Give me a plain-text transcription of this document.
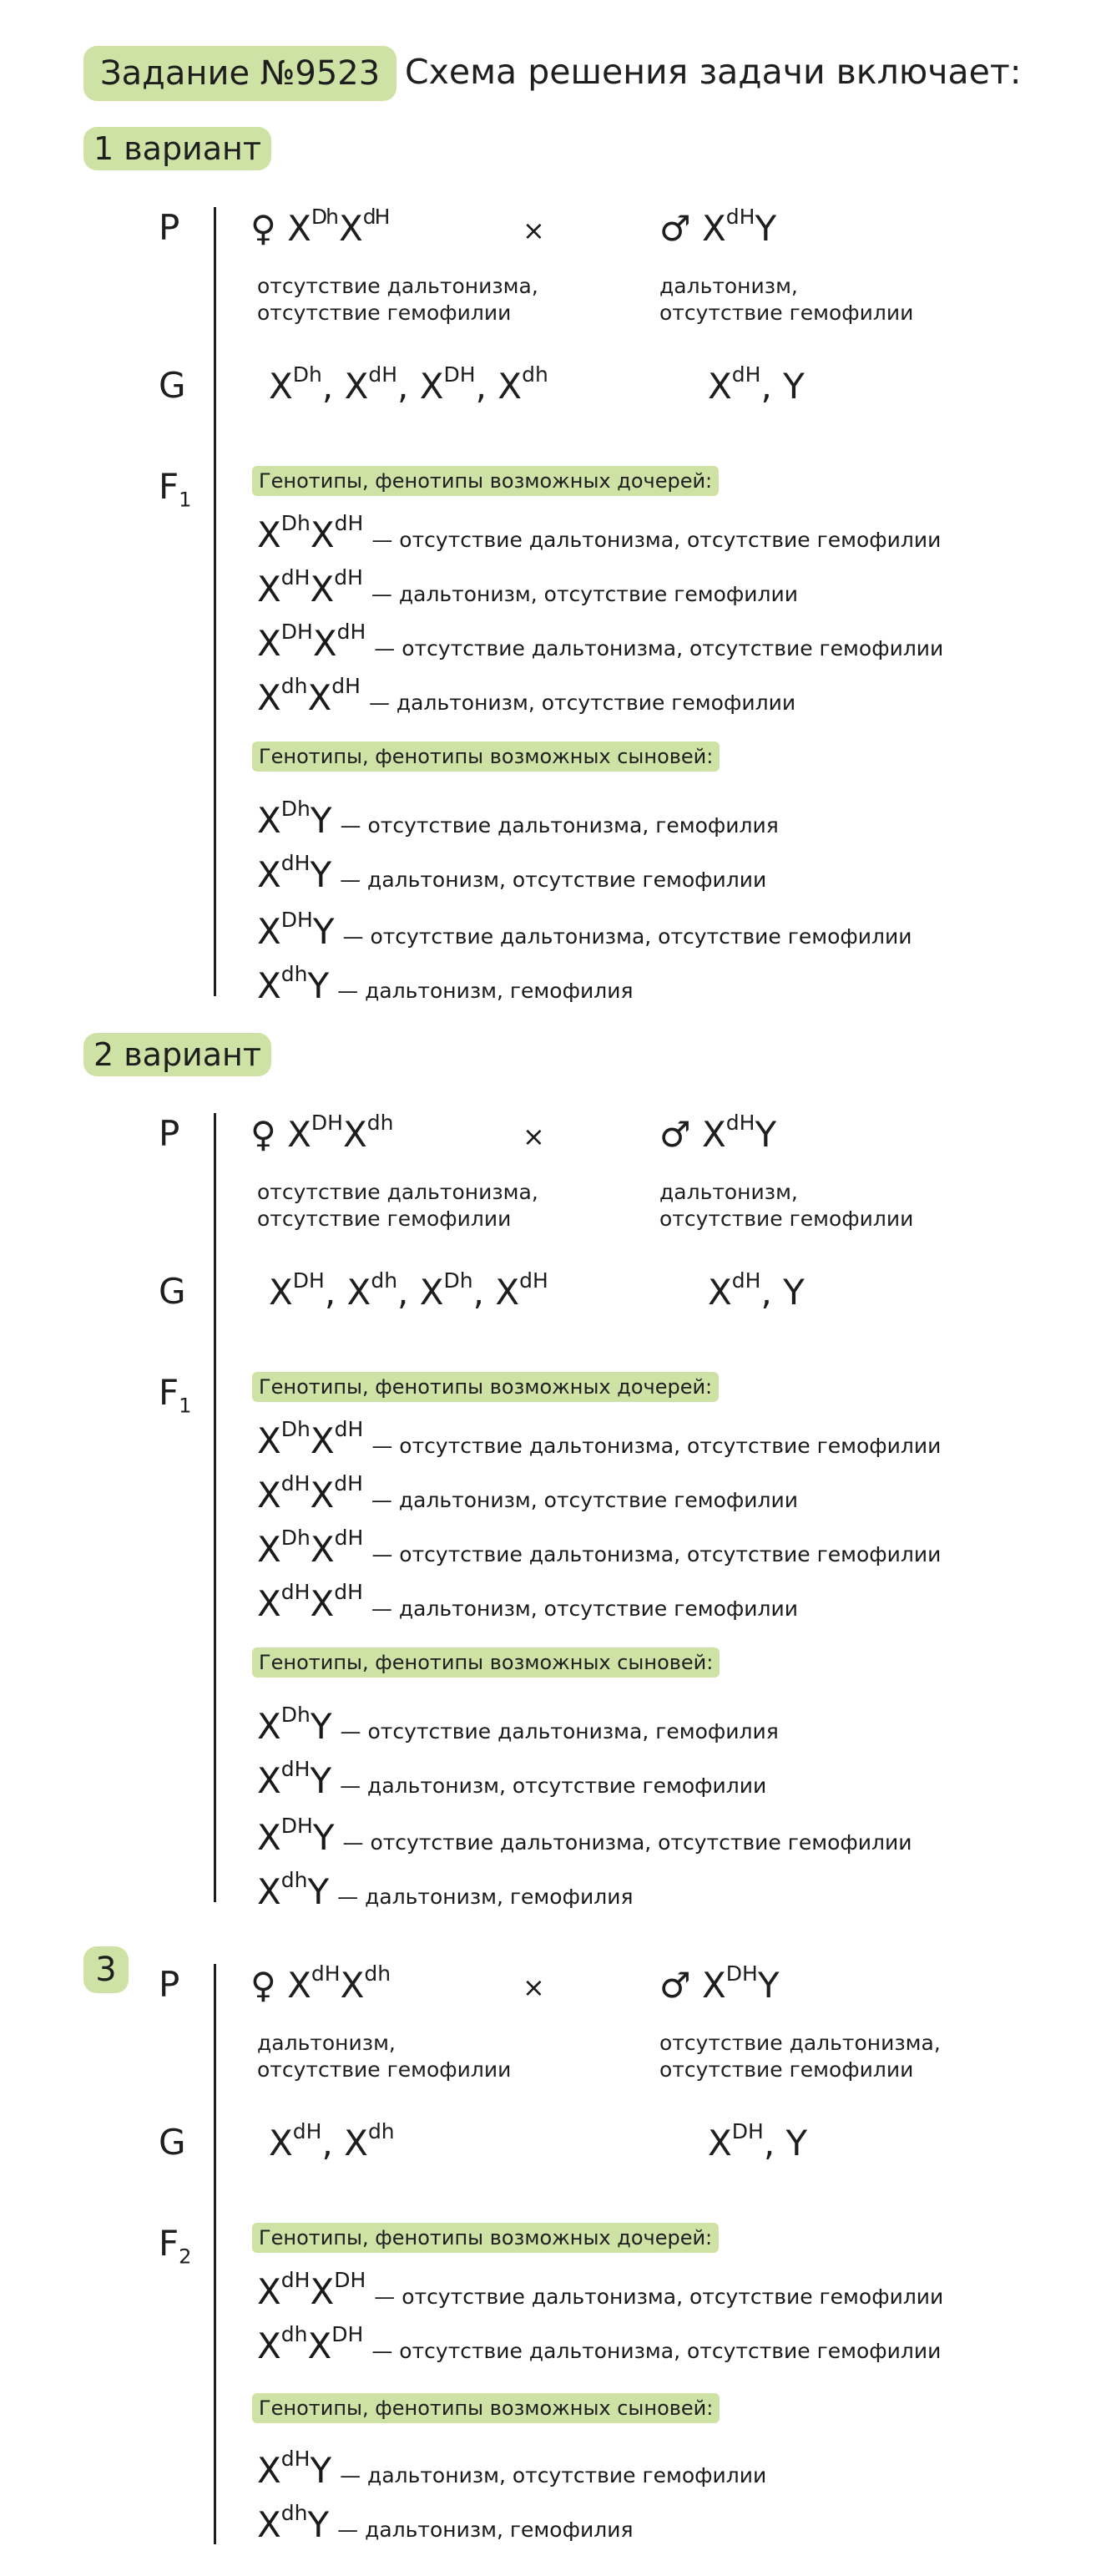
Задание №9523 Схема решения задачи включает:
1 вариант
P ♀ $X^{Dh}X^{dH}$	×	♂ $X^{dH}Y$
отсутствие дальтонизма,
отсутствие гемофилии
дальтонизм,
отсутствие гемофилии
G $X^{Dh}$, $X^{dH}$, $X^{DH}$, $X^{dh}$	$X^{dH}$, Y
$F_1$
Генотипы, фенотипы возможных дочерей:
$X^{Dh}X^{dH}$
— отсутствие дальтонизма, отсутствие гемофилии
$X^{dH}X^{dH}$
— дальтонизм, отсутствие гемофилии
$X^{DH}X^{dH}$
— отсутствие дальтонизма, отсутствие гемофилии
$X^{dh}X^{dH}$
— дальтонизм, отсутствие гемофилии
Генотипы, фенотипы возможных сыновей:
$X^{Dh}Y$ — отсутствие дальтонизма, гемофилия
$X^{dH}Y$ — дальтонизм, отсутствие гемофилии
$X^{DH}Y$ — отсутствие дальтонизма, отсутствие гемофилии
$X^{dh}Y$ — дальтонизм, гемофилия
2 вариант
P ♀ $X^{DH}X^{dh}$	×	♂ $X^{dH}Y$
отсутствие дальтонизма,
отсутствие гемофилии
дальтонизм,
отсутствие гемофилии
G $X^{DH}$, $X^{dh}$, $X^{Dh}$, $X^{dH}$	$X^{dH}$, Y
$F_1$
Генотипы, фенотипы возможных дочерей:
$X^{Dh}X^{dH}$
— отсутствие дальтонизма, отсутствие гемофилии
$X^{dH}X^{dH}$
— дальтонизм, отсутствие гемофилии
$X^{Dh}X^{dH}$
— отсутствие дальтонизма, отсутствие гемофилии
$X^{dH}X^{dH}$
— дальтонизм, отсутствие гемофилии
Генотипы, фенотипы возможных сыновей:
$X^{Dh}Y$ — отсутствие дальтонизма, гемофилия
$X^{dH}Y$ — дальтонизм, отсутствие гемофилии
$X^{DH}Y$ — отсутствие дальтонизма, отсутствие гемофилии
$X^{dh}Y$ — дальтонизм, гемофилия
3	P ♀ $X^{dH}X^{dh}$	×	♂ $X^{DH}Y$
дальтонизм,
отсутствие гемофилии
отсутствие дальтонизма,
отсутствие гемофилии
G $X^{dH}$, $X^{dh}$	$X^{DH}$, Y
$F_2$
Генотипы, фенотипы возможных дочерей:
$X^{dH}X^{DH}$
— отсутствие дальтонизма, отсутствие гемофилии
$X^{dh}X^{DH}$
— отсутствие дальтонизма, отсутствие гемофилии
Генотипы, фенотипы возможных сыновей:
$X^{dH}Y$ — дальтонизм, отсутствие гемофилии
$X^{dh}Y$ — дальтонизм, гемофилия
